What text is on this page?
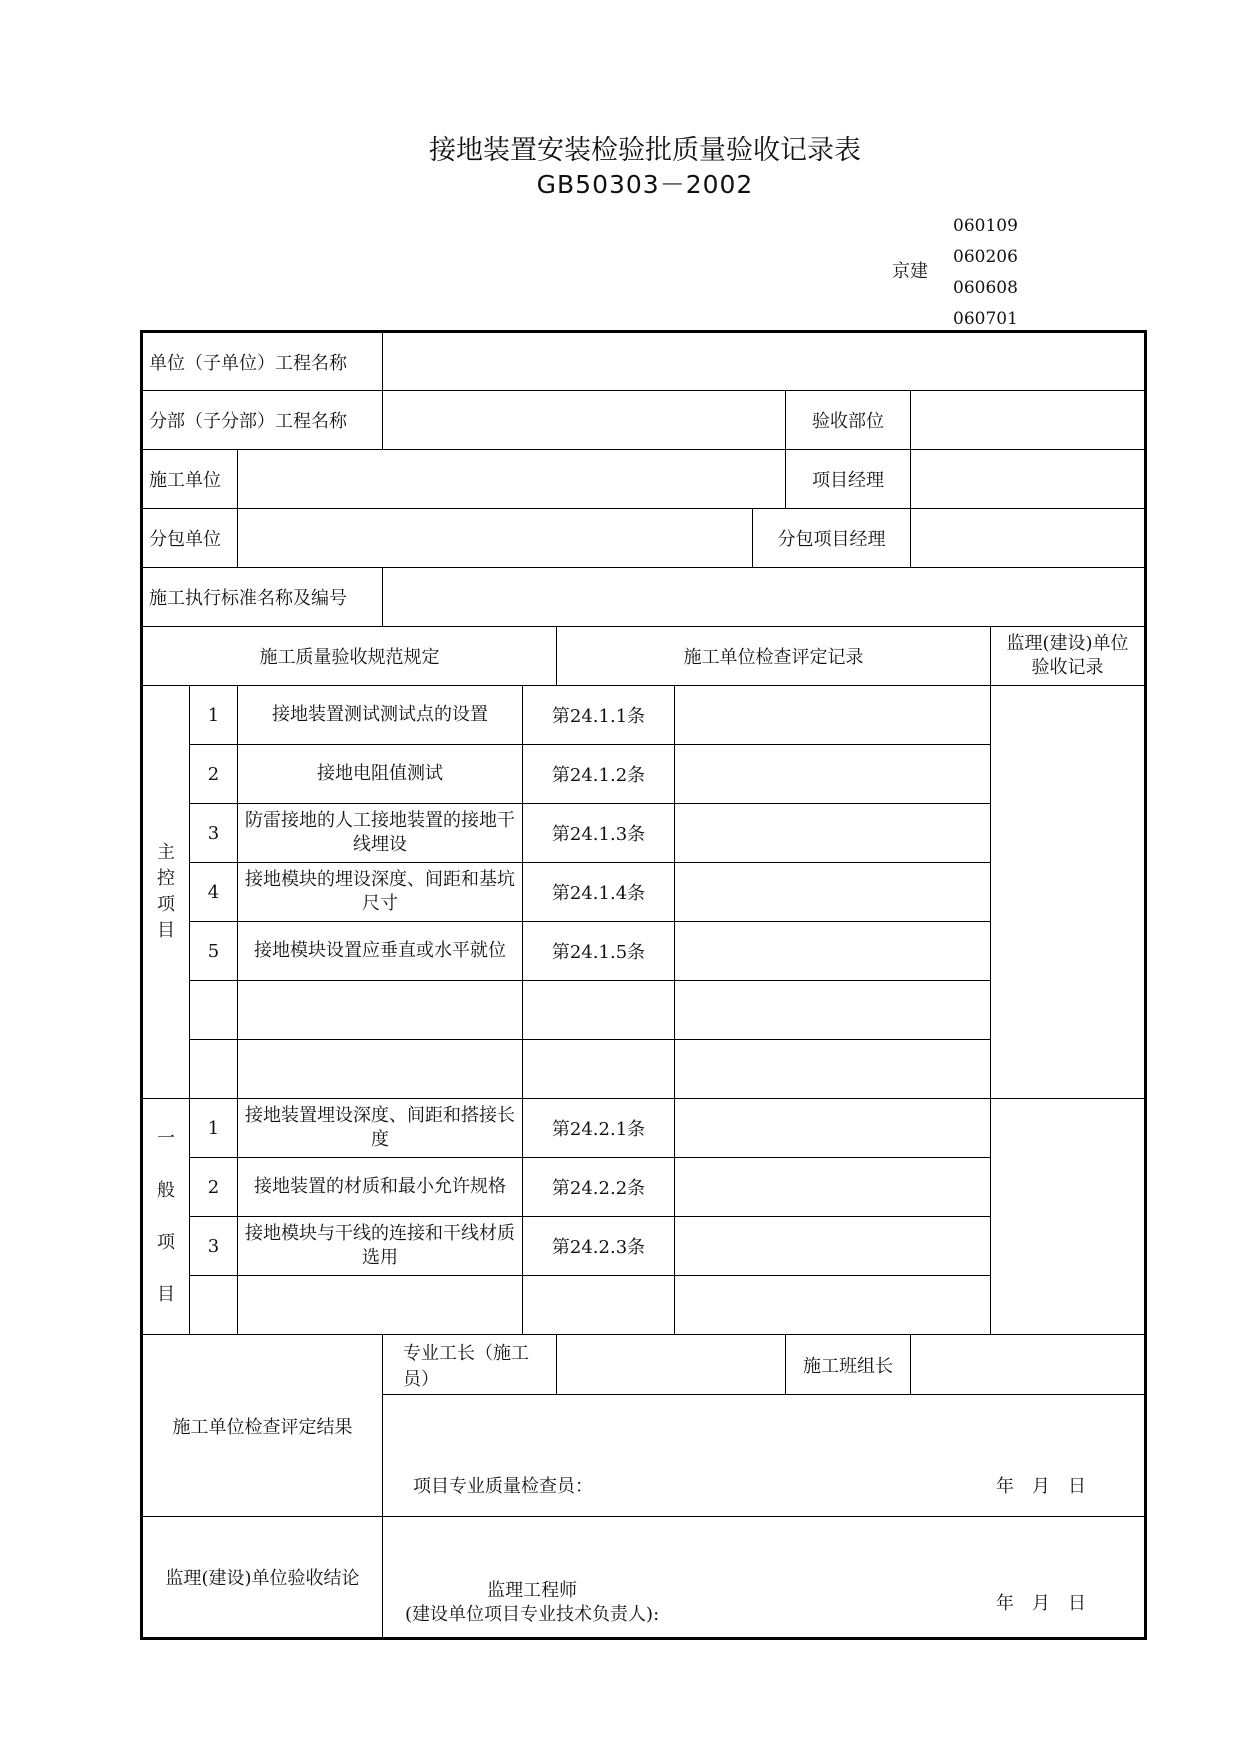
接地装置安装检验批质量验收记录表
GB50303－2002
京建
060109
060206
060608
060701
单位（子单位）工程名称										
分部（子分部）工程名称								验收部位		
施工单位								项目经理		
分包单位							分包项目经理			
施工执行标准名称及编号										
施工质量验收规范规定					施工单位检查评定记录					监理(建设)单位
验收记录

主
控
项
目	1	接地装置测试测试点的设置		第24.1.1条						
	2	接地电阻值测试		第24.1.2条						
	3	防雷接地的人工接地装置的接地干线埋设		第24.1.3条						
	4	接地模块的埋设深度、间距和基坑尺寸		第24.1.4条						
	5	接地模块设置应垂直或水平就位		第24.1.5条						

一
般
项
目	1	接地装置埋设深度、间距和搭接长度		第24.2.1条						
	2	接地装置的材质和最小允许规格		第24.2.2条						
	3	接地模块与干线的连接和干线材质选用		第24.2.3条						

施工单位检查评定结果			专业工长（施工员）					施工班组长		

			项目专业质量检查员： 年　月　日							

监理(建设)单位验收结论			监理工程师
(建设单位项目专业技术负责人):
年　月　日							
